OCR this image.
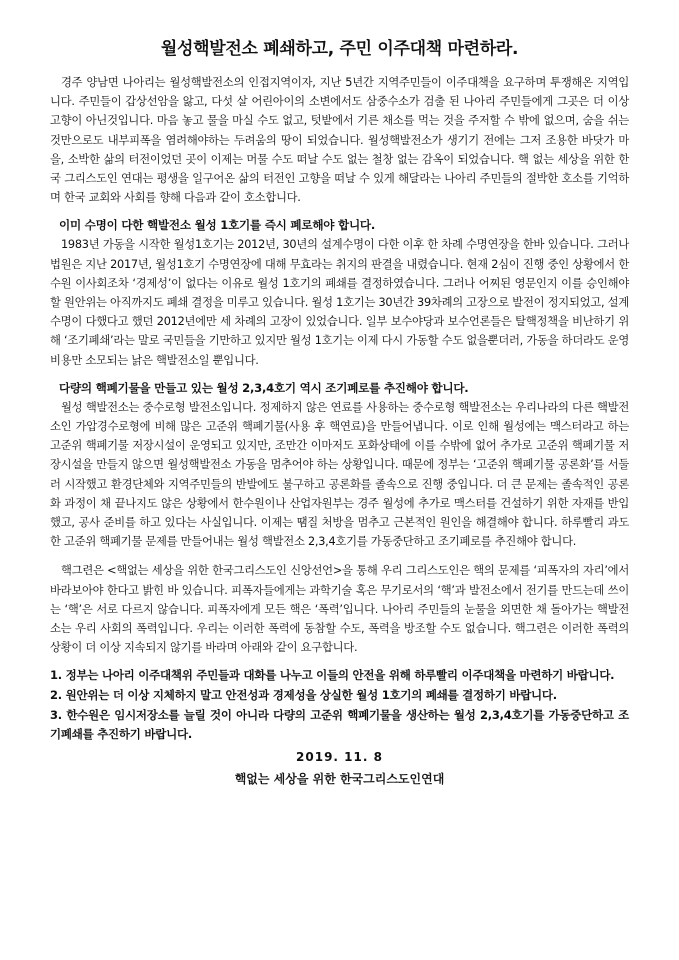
월성핵발전소 폐쇄하고, 주민 이주대책 마련하라.

경주 양남면 나아리는 월성핵발전소의 인접지역이자, 지난 5년간 지역주민들이 이주대책을 요구하며 투쟁해온 지역입니다. 주민들이 갑상선암을 앓고, 다섯 살 어린아이의 소변에서도 삼중수소가 검출 된 나아리 주민들에게 그곳은 더 이상 고향이 아닌것입니다. 마음 놓고 물을 마실 수도 없고, 텃밭에서 기른 채소를 먹는 것을 주저할 수 밖에 없으며, 숨을 쉬는 것만으로도 내부피폭을 염려해야하는 두려움의 땅이 되었습니다. 월성핵발전소가 생기기 전에는 그저 조용한 바닷가 마을, 소박한 삶의 터전이었던 곳이 이제는 머물 수도 떠날 수도 없는 철창 없는 감옥이 되었습니다. 핵 없는 세상을 위한 한국 그리스도인 연대는 평생을 일구어온 삶의 터전인 고향을 떠날 수 있게 해달라는 나아리 주민들의 절박한 호소를 기억하며 한국 교회와 사회를 향해 다음과 같이 호소합니다.

이미 수명이 다한 핵발전소 월성 1호기를 즉시 폐로해야 합니다.

1983년 가동을 시작한 월성1호기는 2012년, 30년의 설계수명이 다한 이후 한 차례 수명연장을 한바 있습니다. 그러나 법원은 지난 2017년, 월성1호기 수명연장에 대해 무효라는 취지의 판결을 내렸습니다. 현재 2심이 진행 중인 상황에서 한수원 이사회조차 ‘경제성’이 없다는 이유로 월성 1호기의 폐쇄를 결정하였습니다. 그러나 어찌된 영문인지 이를 승인해야 할 원안위는 아직까지도 폐쇄 결정을 미루고 있습니다. 월성 1호기는 30년간 39차례의 고장으로 발전이 정지되었고, 설계수명이 다했다고 했던 2012년에만 세 차례의 고장이 있었습니다. 일부 보수야당과 보수언론들은 탈핵정책을 비난하기 위해 ‘조기폐쇄’라는 말로 국민들을 기만하고 있지만 월성 1호기는 이제 다시 가동할 수도 없을뿐더러, 가동을 하더라도 운영비용만 소모되는 낡은 핵발전소일 뿐입니다.

다량의 핵폐기물을 만들고 있는 월성 2,3,4호기 역시 조기폐로를 추진해야 합니다.

월성 핵발전소는 중수로형 발전소입니다. 정제하지 않은 연료를 사용하는 중수로형 핵발전소는 우리나라의 다른 핵발전소인 가압경수로형에 비해 많은 고준위 핵폐기물(사용 후 핵연료)을 만들어냅니다. 이로 인해 월성에는 맥스터라고 하는 고준위 핵폐기물 저장시설이 운영되고 있지만, 조만간 이마저도 포화상태에 이를 수밖에 없어 추가로 고준위 핵폐기물 저장시설을 만들지 않으면 월성핵발전소 가동을 멈추어야 하는 상황입니다. 때문에 정부는 ‘고준위 핵폐기물 공론화’를 서둘러 시작했고 환경단체와 지역주민들의 반발에도 불구하고 공론화를 졸속으로 진행 중입니다. 더 큰 문제는 졸속적인 공론화 과정이 채 끝나지도 않은 상황에서 한수원이나 산업자원부는 경주 월성에 추가로 맥스터를 건설하기 위한 자재를 반입했고, 공사 준비를 하고 있다는 사실입니다. 이제는 땜질 처방을 멈추고 근본적인 원인을 해결해야 합니다. 하루빨리 과도한 고준위 핵폐기물 문제를 만들어내는 월성 핵발전소 2,3,4호기를 가동중단하고 조기폐로를 추진해야 합니다.

핵그련은 <핵없는 세상을 위한 한국그리스도인 신앙선언>을 통해 우리 그리스도인은 핵의 문제를 ‘피폭자의 자리’에서 바라보아야 한다고 밝힌 바 있습니다. 피폭자들에게는 과학기술 혹은 무기로서의 ‘핵’과 발전소에서 전기를 만드는데 쓰이는 ‘핵’은 서로 다르지 않습니다. 피폭자에게 모든 핵은 ‘폭력’입니다. 나아리 주민들의 눈물을 외면한 채 돌아가는 핵발전소는 우리 사회의 폭력입니다. 우리는 이러한 폭력에 동참할 수도, 폭력을 방조할 수도 없습니다. 핵그련은 이러한 폭력의 상황이 더 이상 지속되지 않기를 바라며 아래와 같이 요구합니다.

1. 정부는 나아리 이주대책위 주민들과 대화를 나누고 이들의 안전을 위해 하루빨리 이주대책을 마련하기 바랍니다.

2. 원안위는 더 이상 지체하지 말고 안전성과 경제성을 상실한 월성 1호기의 폐쇄를 결정하기 바랍니다.

3. 한수원은 임시저장소를 늘릴 것이 아니라 다량의 고준위 핵폐기물을 생산하는 월성 2,3,4호기를 가동중단하고 조기폐쇄를 추진하기 바랍니다.

2019. 11. 8
핵없는 세상을 위한 한국그리스도인연대
